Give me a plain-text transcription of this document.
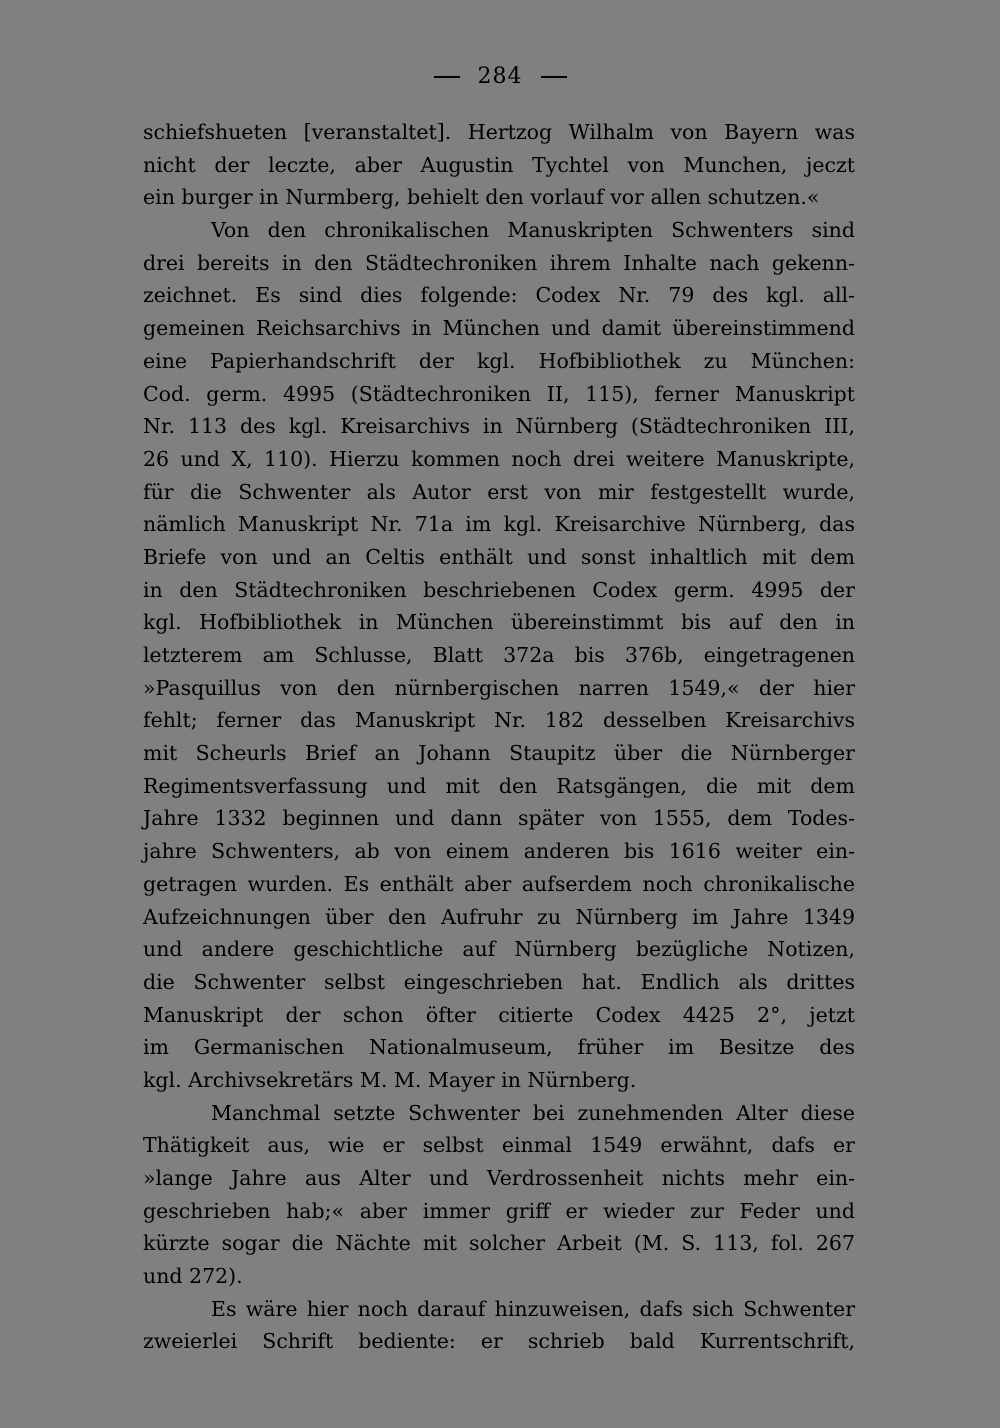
284
schiefshueten [veranstaltet]. Hertzog Wilhalm von Bayern was
nicht der leczte, aber Augustin Tychtel von Munchen, jeczt
ein burger in Nurmberg, behielt den vorlauf vor allen schutzen.«
Von den chronikalischen Manuskripten Schwenters sind
drei bereits in den Städtechroniken ihrem Inhalte nach gekenn-
zeichnet. Es sind dies folgende: Codex Nr. 79 des kgl. all-
gemeinen Reichsarchivs in München und damit übereinstimmend
eine Papierhandschrift der kgl. Hofbibliothek zu München:
Cod. germ. 4995 (Städtechroniken II, 115), ferner Manuskript
Nr. 113 des kgl. Kreisarchivs in Nürnberg (Städtechroniken III,
26 und X, 110). Hierzu kommen noch drei weitere Manuskripte,
für die Schwenter als Autor erst von mir festgestellt wurde,
nämlich Manuskript Nr. 71a im kgl. Kreisarchive Nürnberg, das
Briefe von und an Celtis enthält und sonst inhaltlich mit dem
in den Städtechroniken beschriebenen Codex germ. 4995 der
kgl. Hofbibliothek in München übereinstimmt bis auf den in
letzterem am Schlusse, Blatt 372a bis 376b, eingetragenen
»Pasquillus von den nürnbergischen narren 1549,« der hier
fehlt; ferner das Manuskript Nr. 182 desselben Kreisarchivs
mit Scheurls Brief an Johann Staupitz über die Nürnberger
Regimentsverfassung und mit den Ratsgängen, die mit dem
Jahre 1332 beginnen und dann später von 1555, dem Todes-
jahre Schwenters, ab von einem anderen bis 1616 weiter ein-
getragen wurden. Es enthält aber aufserdem noch chronikalische
Aufzeichnungen über den Aufruhr zu Nürnberg im Jahre 1349
und andere geschichtliche auf Nürnberg bezügliche Notizen,
die Schwenter selbst eingeschrieben hat. Endlich als drittes
Manuskript der schon öfter citierte Codex 4425 2°, jetzt
im Germanischen Nationalmuseum, früher im Besitze des
kgl. Archivsekretärs M. M. Mayer in Nürnberg.
Manchmal setzte Schwenter bei zunehmenden Alter diese
Thätigkeit aus, wie er selbst einmal 1549 erwähnt, dafs er
»lange Jahre aus Alter und Verdrossenheit nichts mehr ein-
geschrieben hab;« aber immer griff er wieder zur Feder und
kürzte sogar die Nächte mit solcher Arbeit (M. S. 113, fol. 267
und 272).
Es wäre hier noch darauf hinzuweisen, dafs sich Schwenter
zweierlei Schrift bediente: er schrieb bald Kurrentschrift,
